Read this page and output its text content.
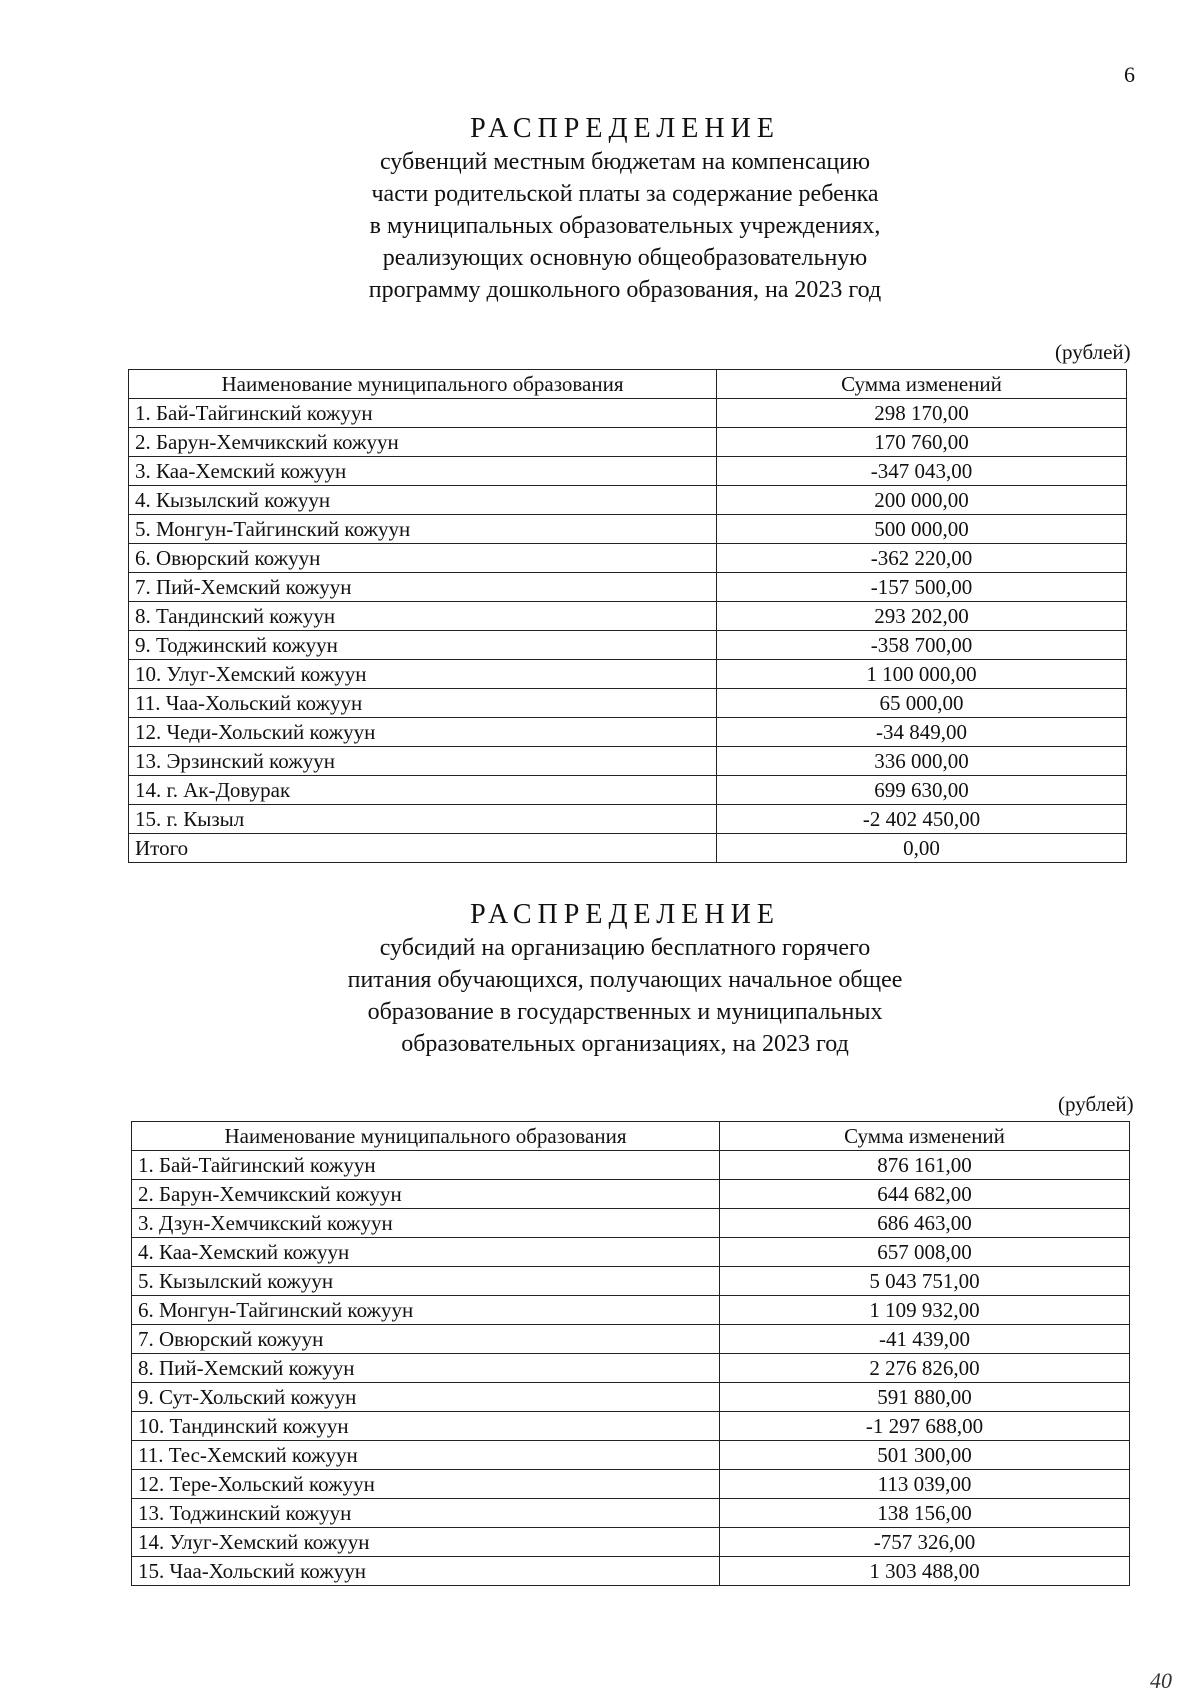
6
РАСПРЕДЕЛЕНИЕ
субвенций местным бюджетам на компенсацию
части родительской платы за содержание ребенка
в муниципальных образовательных учреждениях,
реализующих основную общеобразовательную
программу дошкольного образования, на 2023 год
(рублей)
Наименование муниципального образования	Сумма изменений
1. Бай-Тайгинский кожуун	298 170,00
2. Барун-Хемчикский кожуун	170 760,00
3. Каа-Хемский кожуун	-347 043,00
4. Кызылский кожуун	200 000,00
5. Монгун-Тайгинский кожуун	500 000,00
6. Овюрский кожуун	-362 220,00
7. Пий-Хемский кожуун	-157 500,00
8. Тандинский кожуун	293 202,00
9. Тоджинский кожуун	-358 700,00
10. Улуг-Хемский кожуун	1 100 000,00
11. Чаа-Хольский кожуун	65 000,00
12. Чеди-Хольский кожуун	-34 849,00
13. Эрзинский кожуун	336 000,00
14. г. Ак-Довурак	699 630,00
15. г. Кызыл	-2 402 450,00
Итого	0,00
РАСПРЕДЕЛЕНИЕ
субсидий на организацию бесплатного горячего
питания обучающихся, получающих начальное общее
образование в государственных и муниципальных
образовательных организациях, на 2023 год
(рублей)
Наименование муниципального образования	Сумма изменений
1. Бай-Тайгинский кожуун	876 161,00
2. Барун-Хемчикский кожуун	644 682,00
3. Дзун-Хемчикский кожуун	686 463,00
4. Каа-Хемский кожуун	657 008,00
5. Кызылский кожуун	5 043 751,00
6. Монгун-Тайгинский кожуун	1 109 932,00
7. Овюрский кожуун	-41 439,00
8. Пий-Хемский кожуун	2 276 826,00
9. Сут-Хольский кожуун	591 880,00
10. Тандинский кожуун	-1 297 688,00
11. Тес-Хемский кожуун	501 300,00
12. Тере-Хольский кожуун	113 039,00
13. Тоджинский кожуун	138 156,00
14. Улуг-Хемский кожуун	-757 326,00
15. Чаа-Хольский кожуун	1 303 488,00
40
